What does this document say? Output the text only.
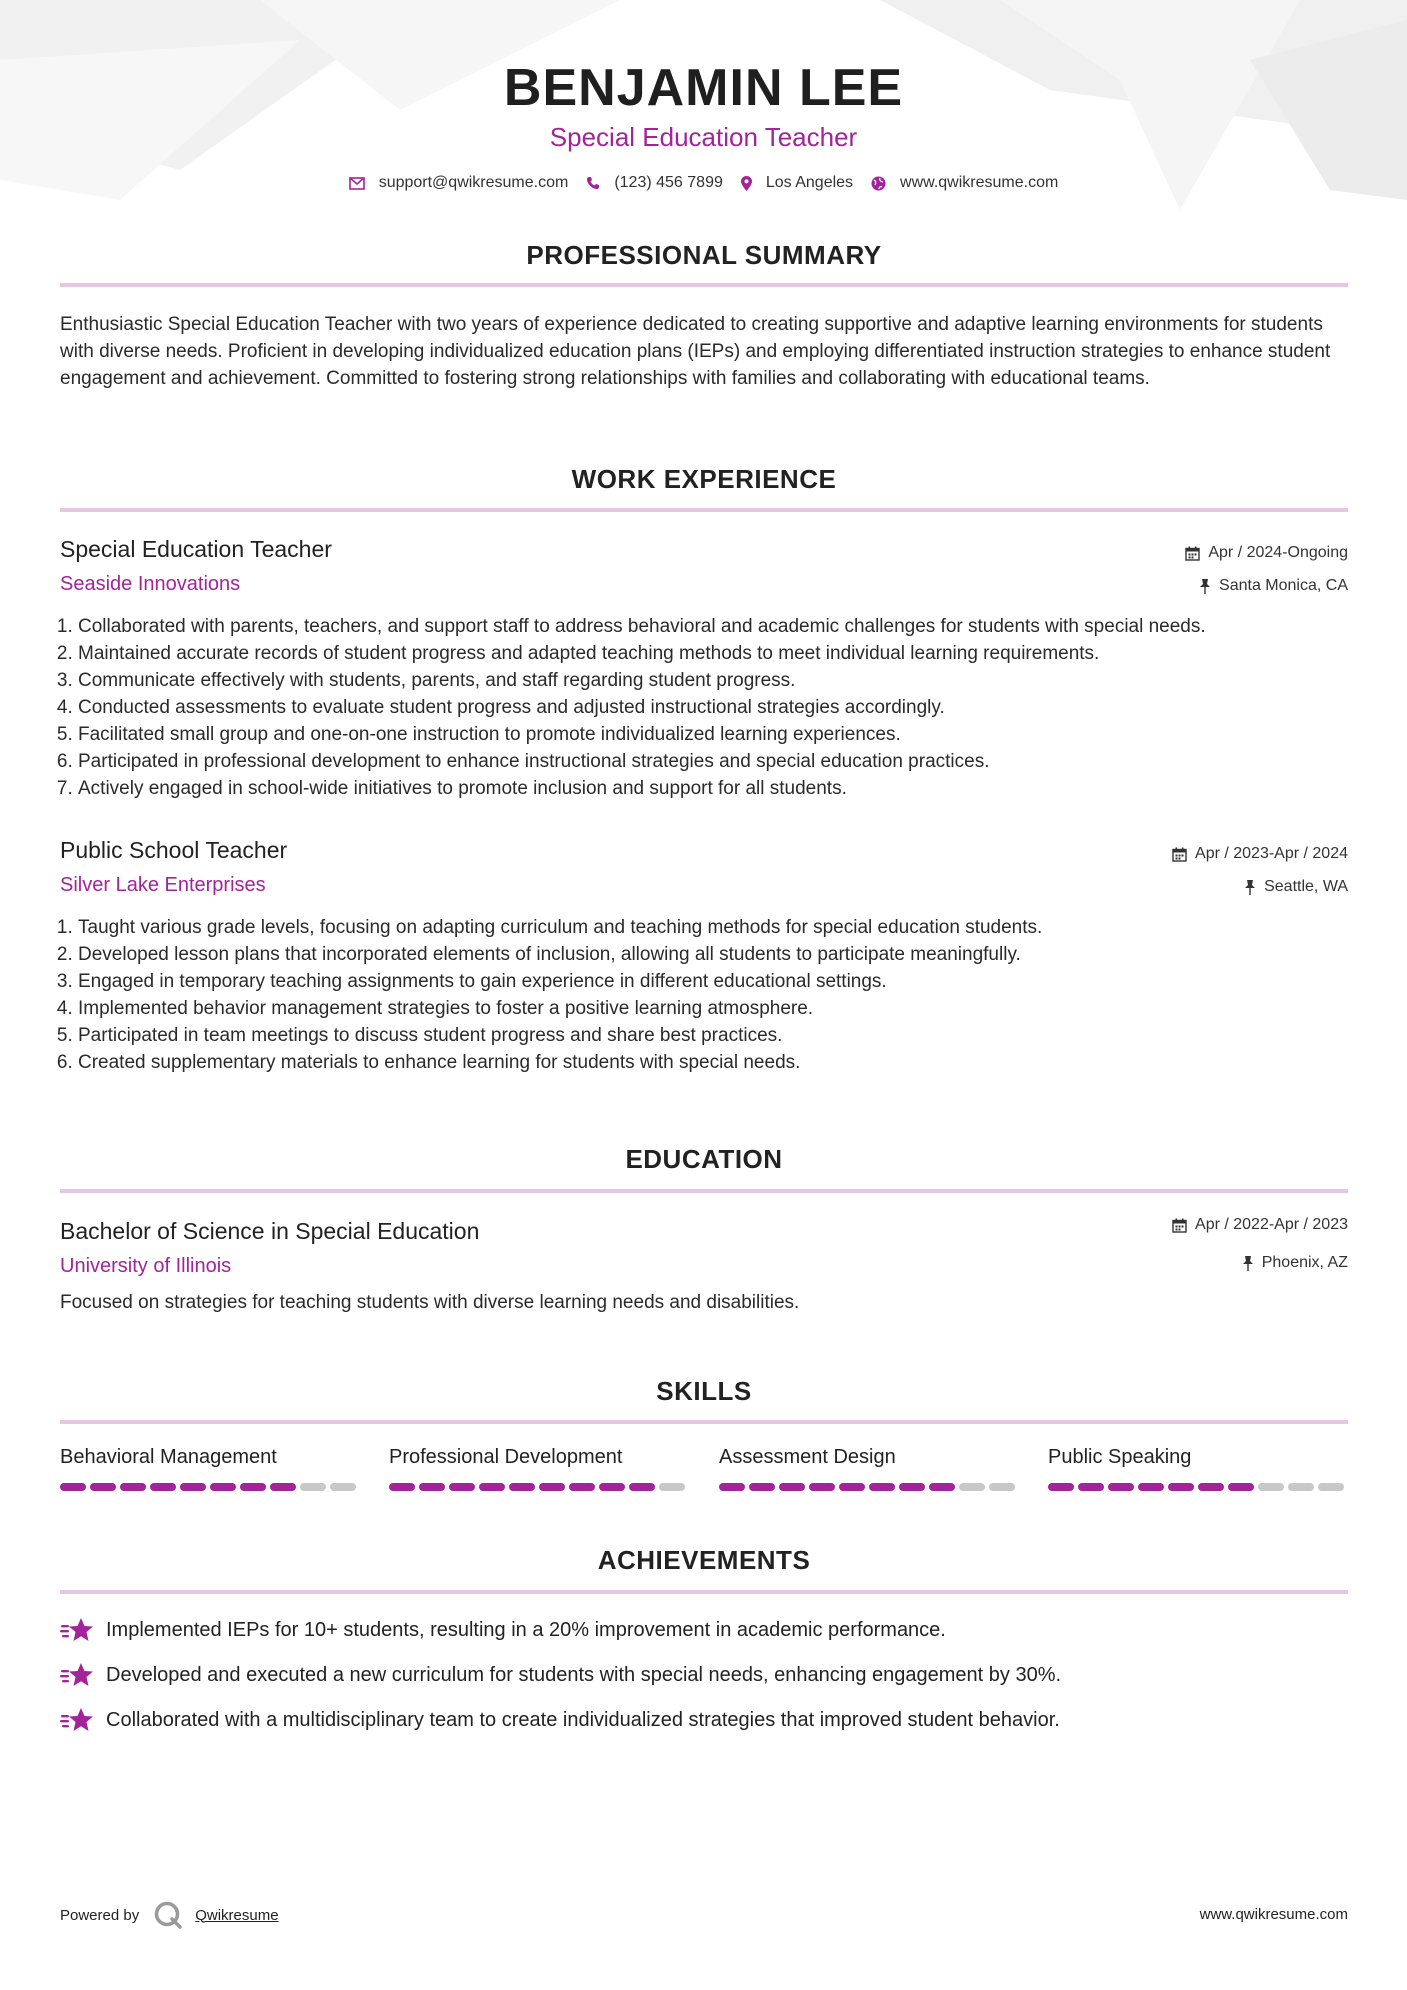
BENJAMIN LEE
Special Education Teacher
support@qwikresume.com	(123) 456 7899	Los Angeles	www.qwikresume.com
PROFESSIONAL SUMMARY
Enthusiastic Special Education Teacher with two years of experience dedicated to creating supportive and adaptive learning environments for students with diverse needs. Proficient in developing individualized education plans (IEPs) and employing differentiated instruction strategies to enhance student engagement and achievement. Committed to fostering strong relationships with families and collaborating with educational teams.
WORK EXPERIENCE
Special Education Teacher
Seaside Innovations
Apr / 2024-Ongoing
Santa Monica, CA
1. Collaborated with parents, teachers, and support staff to address behavioral and academic challenges for students with special needs.
2. Maintained accurate records of student progress and adapted teaching methods to meet individual learning requirements.
3. Communicate effectively with students, parents, and staff regarding student progress.
4. Conducted assessments to evaluate student progress and adjusted instructional strategies accordingly.
5. Facilitated small group and one-on-one instruction to promote individualized learning experiences.
6. Participated in professional development to enhance instructional strategies and special education practices.
7. Actively engaged in school-wide initiatives to promote inclusion and support for all students.
Public School Teacher
Silver Lake Enterprises
Apr / 2023-Apr / 2024
Seattle, WA
1. Taught various grade levels, focusing on adapting curriculum and teaching methods for special education students.
2. Developed lesson plans that incorporated elements of inclusion, allowing all students to participate meaningfully.
3. Engaged in temporary teaching assignments to gain experience in different educational settings.
4. Implemented behavior management strategies to foster a positive learning atmosphere.
5. Participated in team meetings to discuss student progress and share best practices.
6. Created supplementary materials to enhance learning for students with special needs.
EDUCATION
Bachelor of Science in Special Education
University of Illinois
Apr / 2022-Apr / 2023
Phoenix, AZ
Focused on strategies for teaching students with diverse learning needs and disabilities.
SKILLS
Behavioral Management	Professional Development	Assessment Design	Public Speaking
ACHIEVEMENTS
Implemented IEPs for 10+ students, resulting in a 20% improvement in academic performance.
Developed and executed a new curriculum for students with special needs, enhancing engagement by 30%.
Collaborated with a multidisciplinary team to create individualized strategies that improved student behavior.
Powered by	Qwikresume	www.qwikresume.com
